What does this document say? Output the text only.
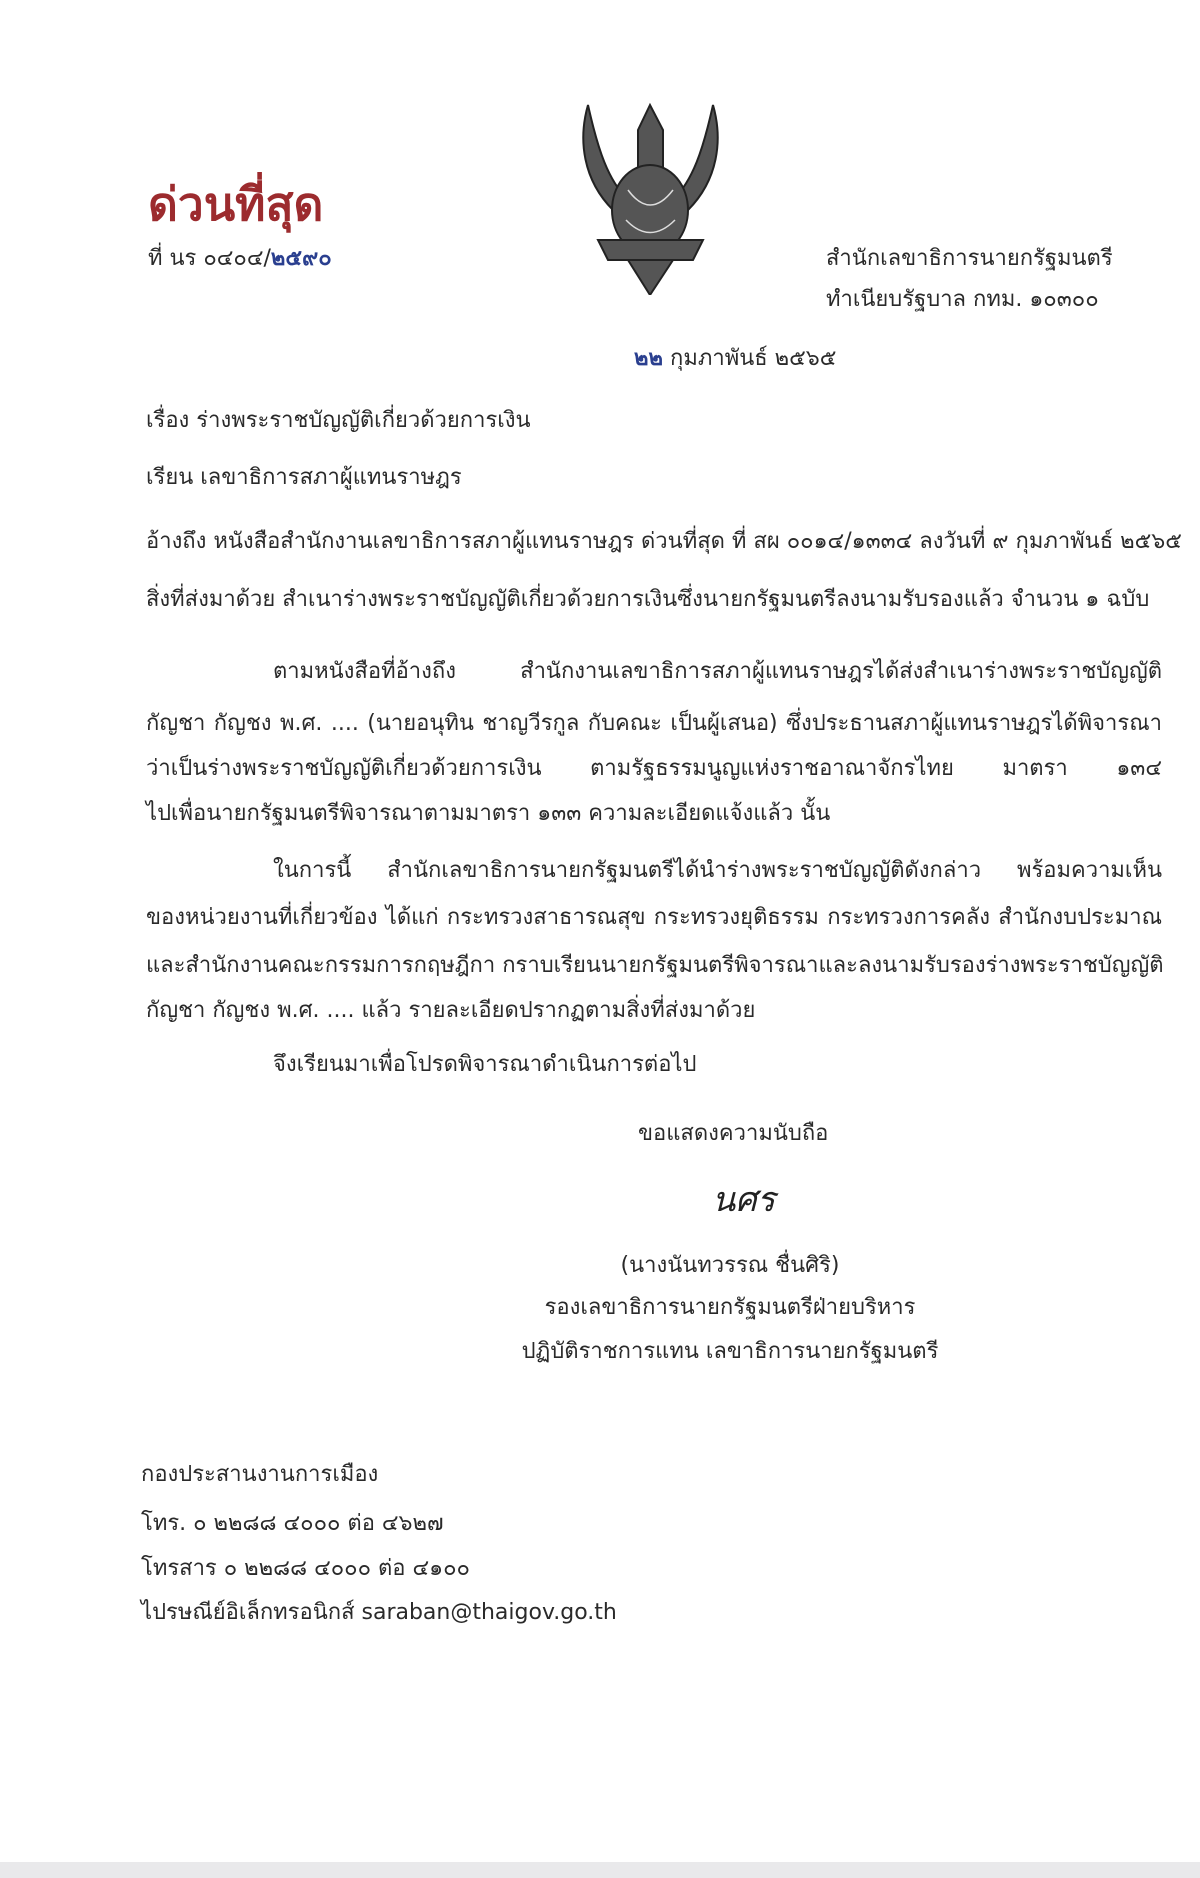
ด่วนที่สุด
ที่ นร ๐๔๐๔/๒๕๙๐	สำนักเลขาธิการนายกรัฐมนตรี
ทำเนียบรัฐบาล กทม. ๑๐๓๐๐
๒๒ กุมภาพันธ์ ๒๕๖๕
เรื่อง ร่างพระราชบัญญัติเกี่ยวด้วยการเงิน
เรียน เลขาธิการสภาผู้แทนราษฎร
อ้างถึง หนังสือสำนักงานเลขาธิการสภาผู้แทนราษฎร ด่วนที่สุด ที่ สผ ๐๐๑๔/๑๓๓๔ ลงวันที่ ๙ กุมภาพันธ์ ๒๕๖๕
สิ่งที่ส่งมาด้วย สำเนาร่างพระราชบัญญัติเกี่ยวด้วยการเงินซึ่งนายกรัฐมนตรีลงนามรับรองแล้ว จำนวน ๑ ฉบับ
ตามหนังสือที่อ้างถึง สำนักงานเลขาธิการสภาผู้แทนราษฎรได้ส่งสำเนาร่างพระราชบัญญัติ
กัญชา กัญชง พ.ศ. .... (นายอนุทิน ชาญวีรกูล กับคณะ เป็นผู้เสนอ) ซึ่งประธานสภาผู้แทนราษฎรได้พิจารณา
ว่าเป็นร่างพระราชบัญญัติเกี่ยวด้วยการเงิน ตามรัฐธรรมนูญแห่งราชอาณาจักรไทย มาตรา ๑๓๔
ไปเพื่อนายกรัฐมนตรีพิจารณาตามมาตรา ๑๓๓ ความละเอียดแจ้งแล้ว นั้น
ในการนี้ สำนักเลขาธิการนายกรัฐมนตรีได้นำร่างพระราชบัญญัติดังกล่าว พร้อมความเห็น
ของหน่วยงานที่เกี่ยวข้อง ได้แก่ กระทรวงสาธารณสุข กระทรวงยุติธรรม กระทรวงการคลัง สำนักงบประมาณ
และสำนักงานคณะกรรมการกฤษฎีกา กราบเรียนนายกรัฐมนตรีพิจารณาและลงนามรับรองร่างพระราชบัญญัติ
กัญชา กัญชง พ.ศ. .... แล้ว รายละเอียดปรากฏตามสิ่งที่ส่งมาด้วย
จึงเรียนมาเพื่อโปรดพิจารณาดำเนินการต่อไป
ขอแสดงความนับถือ
นศร
(นางนันทวรรณ ชื่นศิริ)
รองเลขาธิการนายกรัฐมนตรีฝ่ายบริหาร
ปฏิบัติราชการแทน เลขาธิการนายกรัฐมนตรี
กองประสานงานการเมือง
โทร. ๐ ๒๒๘๘ ๔๐๐๐ ต่อ ๔๖๒๗
โทรสาร ๐ ๒๒๘๘ ๔๐๐๐ ต่อ ๔๑๐๐
ไปรษณีย์อิเล็กทรอนิกส์ saraban@thaigov.go.th
